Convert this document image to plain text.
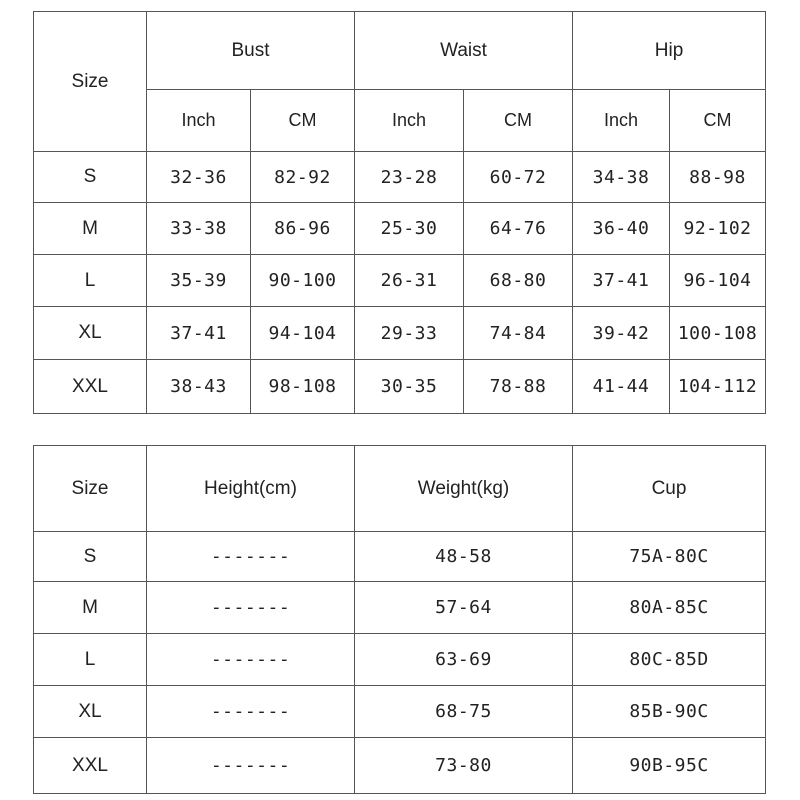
Size	Bust		Waist		Hip	
	Inch	CM	Inch	CM	Inch	CM
S	32-36	82-92	23-28	60-72	34-38	88-98
M	33-38	86-96	25-30	64-76	36-40	92-102
L	35-39	90-100	26-31	68-80	37-41	96-104
XL	37-41	94-104	29-33	74-84	39-42	100-108
XXL	38-43	98-108	30-35	78-88	41-44	104-112
Size	Height(cm)	Weight(kg)	Cup
S	-------	48-58	75A-80C
M	-------	57-64	80A-85C
L	-------	63-69	80C-85D
XL	-------	68-75	85B-90C
XXL	-------	73-80	90B-95C
